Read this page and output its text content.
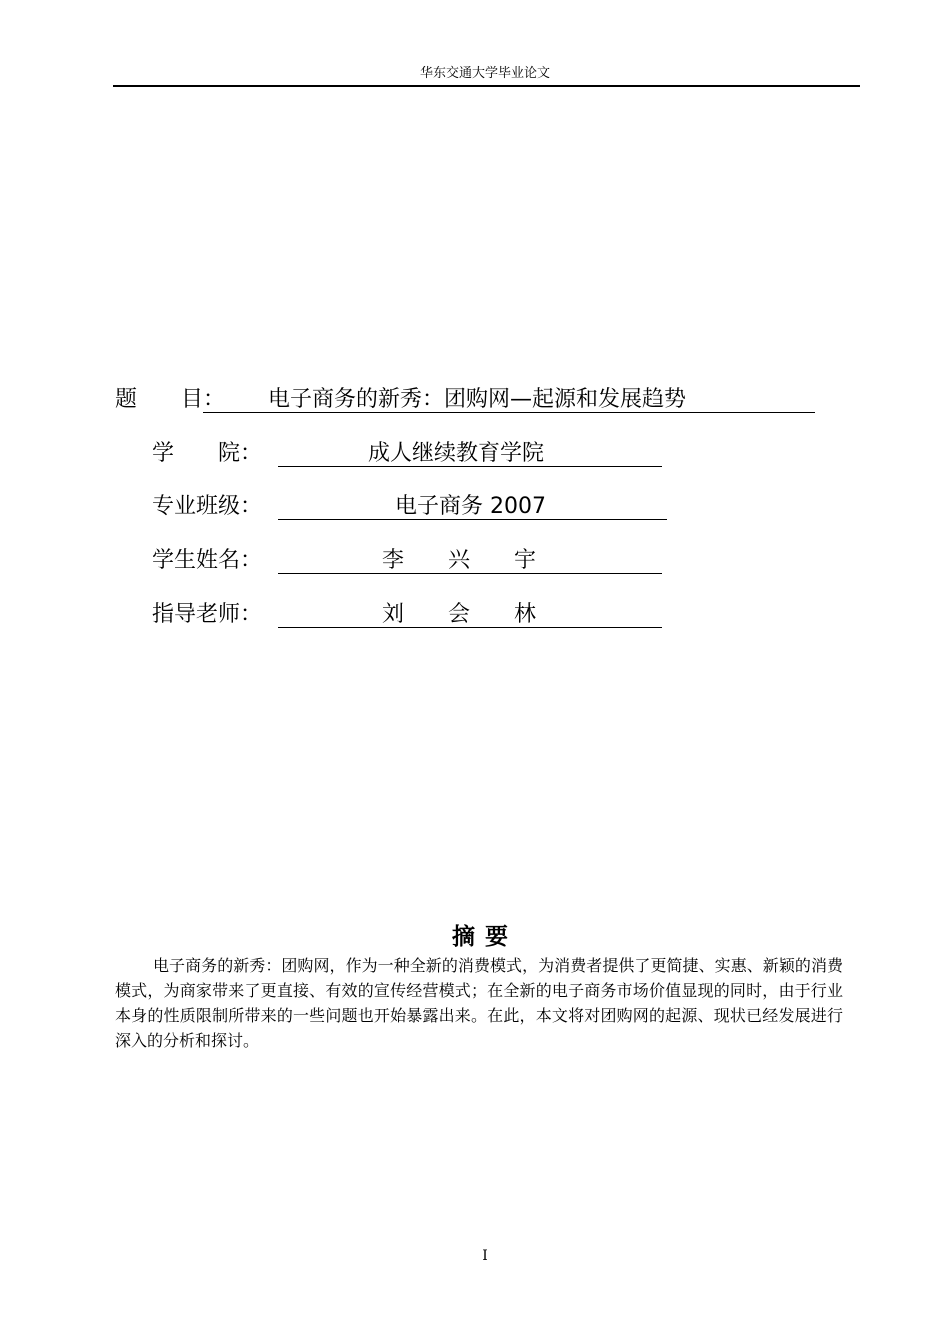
华东交通大学毕业论文
题　　目： 电子商务的新秀：团购网—起源和发展趋势
学　　院：	成人继续教育学院
专业班级：	电子商务 2007
学生姓名：	李　　兴　　宇
指导老师：	刘　　会　　林
摘要

电子商务的新秀：团购网，作为一种全新的消费模式，为消费者提供了更简捷、实惠、新颖的消费模式，为商家带来了更直接、有效的宣传经营模式；在全新的电子商务市场价值显现的同时，由于行业本身的性质限制所带来的一些问题也开始暴露出来。在此，本文将对团购网的起源、现状已经发展进行深入的分析和探讨。

I
